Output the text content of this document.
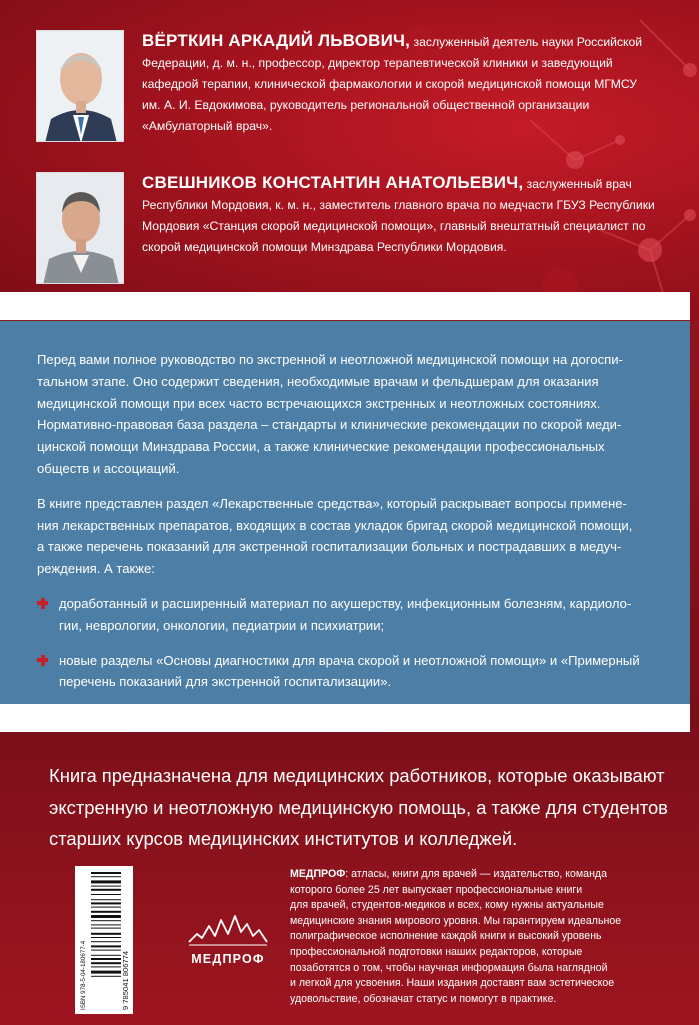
ВЁРТКИН АРКАДИЙ ЛЬВОВИЧ, заслуженный деятель науки Российской
Федерации, д. м. н., профессор, директор терапевтической клиники и заведующий
кафедрой терапии, клинической фармакологии и скорой медицинской помощи МГМСУ
им. А. И. Евдокимова, руководитель региональной общественной организации
«Амбулаторный врач».
СВЕШНИКОВ КОНСТАНТИН АНАТОЛЬЕВИЧ, заслуженный врач
Республики Мордовия, к. м. н., заместитель главного врача по медчасти ГБУЗ Республики
Мордовия «Станция скорой медицинской помощи», главный внештатный специалист по
скорой медицинской помощи Минздрава Республики Мордовия.

Перед вами полное руководство по экстренной и неотложной медицинской помощи на догоспи-
тальном этапе. Оно содержит сведения, необходимые врачам и фельдшерам для оказания
медицинской помощи при всех часто встречающихся экстренных и неотложных состояниях.
Нормативно-правовая база раздела – стандарты и клинические рекомендации по скорой меди-
цинской помощи Минздрава России, а также клинические рекомендации профессиональных
обществ и ассоциаций.

В книге представлен раздел «Лекарственные средства», который раскрывает вопросы примене-
ния лекарственных препаратов, входящих в состав укладок бригад скорой медицинской помощи,
а также перечень показаний для экстренной госпитализации больных и пострадавших в медуч-
реждения. А также:

доработанный и расширенный материал по акушерству, инфекционным болезням, кардиоло-
гии, неврологии, онкологии, педиатрии и психиатрии;
новые разделы «Основы диагностики для врача скорой и неотложной помощи» и «Примерный
перечень показаний для экстренной госпитализации».
Книга предназначена для медицинских работников, которые оказывают
экстренную и неотложную медицинскую помощь, а также для студентов
старших курсов медицинских институтов и колледжей.
ISBN 978-5-04-180677-4	9 785041 806774	МЕДПРОФ
МЕДПРОФ: атласы, книги для врачей — издательство, команда
которого более 25 лет выпускает профессиональные книги
для врачей, студентов-медиков и всех, кому нужны актуальные
медицинские знания мирового уровня. Мы гарантируем идеальное
полиграфическое исполнение каждой книги и высокий уровень
профессиональной подготовки наших редакторов, которые
позаботятся о том, чтобы научная информация была наглядной
и легкой для усвоения. Наши издания доставят вам эстетическое
удовольствие, обозначат статус и помогут в практике.
